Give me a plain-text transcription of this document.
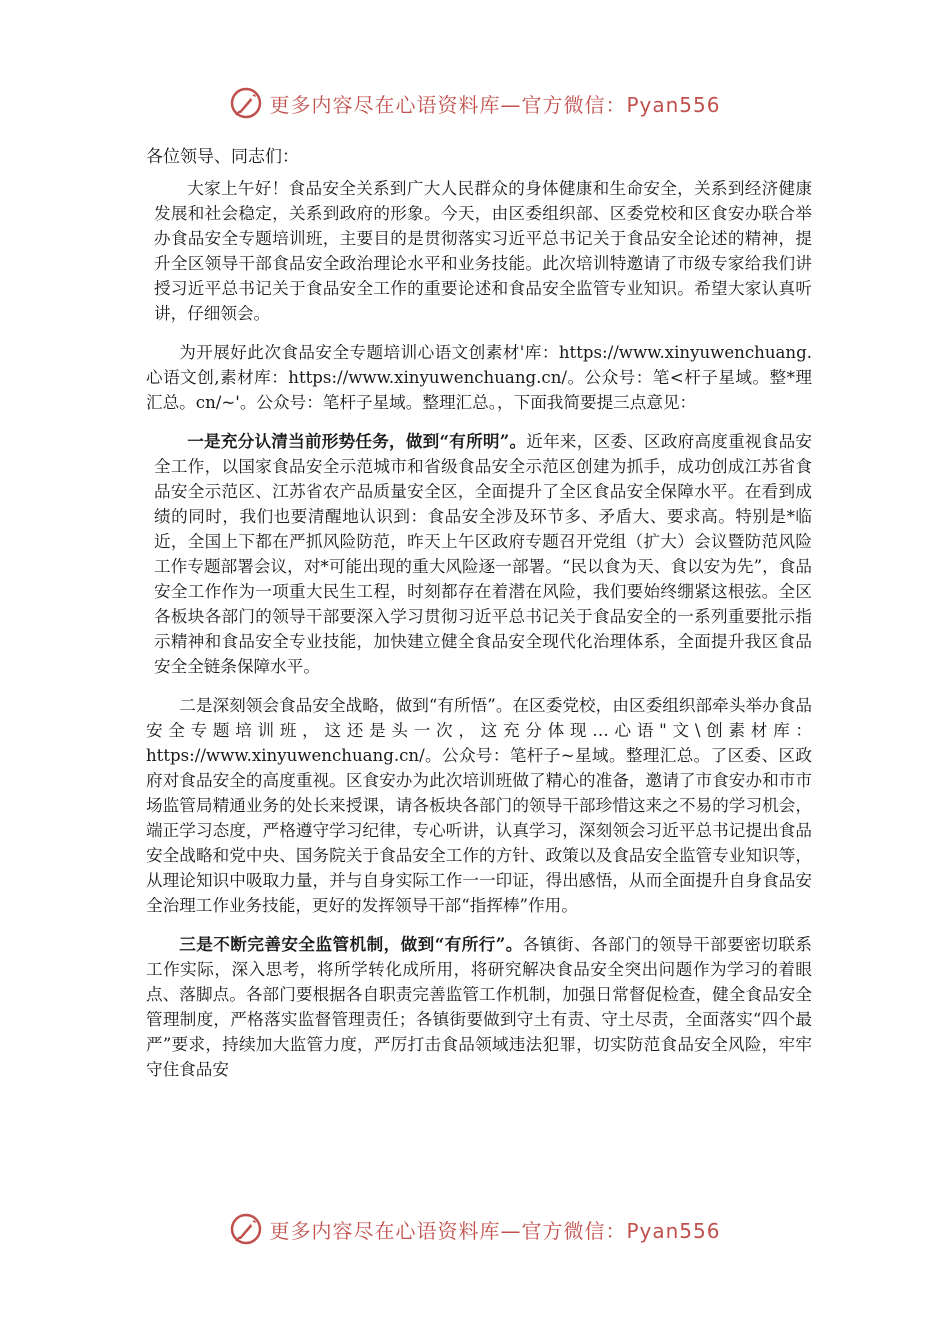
更多内容尽在心语资料库—官方微信：Pyan556

各位领导、同志们：

大家上午好！食品安全关系到广大人民群众的身体健康和生命安全，关系到经济健康发展和社会稳定，关系到政府的形象。今天，由区委组织部、区委党校和区食安办联合举办食品安全专题培训班，主要目的是贯彻落实习近平总书记关于食品安全论述的精神，提升全区领导干部食品安全政治理论水平和业务技能。此次培训特邀请了市级专家给我们讲授习近平总书记关于食品安全工作的重要论述和食品安全监管专业知识。希望大家认真听讲，仔细领会。

为开展好此次食品安全专题培训心语文创素材'库：https://www.xinyuwenchuang.心语文创,素材库：https://www.xinyuwenchuang.cn/。公众号：笔<杆子星域。整*理汇总。cn/~'。公众号：笔杆子星域。整理汇总。，下面我简要提三点意见：

一是充分认清当前形势任务，做到“有所明”。近年来，区委、区政府高度重视食品安全工作，以国家食品安全示范城市和省级食品安全示范区创建为抓手，成功创成江苏省食品安全示范区、江苏省农产品质量安全区，全面提升了全区食品安全保障水平。在看到成绩的同时，我们也要清醒地认识到：食品安全涉及环节多、矛盾大、要求高。特别是*临近，全国上下都在严抓风险防范，昨天上午区政府专题召开党组（扩大）会议暨防范风险工作专题部署会议，对*可能出现的重大风险逐一部署。“民以食为天、食以安为先”，食品安全工作作为一项重大民生工程，时刻都存在着潜在风险，我们要始终绷紧这根弦。全区各板块各部门的领导干部要深入学习贯彻习近平总书记关于食品安全的一系列重要批示指示精神和食品安全专业技能，加快建立健全食品安全现代化治理体系，全面提升我区食品安全全链条保障水平。

二是深刻领会食品安全战略，做到“有所悟”。在区委党校，由区委组织部牵头举办食品安全专题培训班，这还是头一次，这充分体现…心语"文\创素材库：https://www.xinyuwenchuang.cn/。公众号：笔杆子~星域。整理汇总。了区委、区政府对食品安全的高度重视。区食安办为此次培训班做了精心的准备，邀请了市食安办和市市场监管局精通业务的处长来授课，请各板块各部门的领导干部珍惜这来之不易的学习机会，端正学习态度，严格遵守学习纪律，专心听讲，认真学习，深刻领会习近平总书记提出食品安全战略和党中央、国务院关于食品安全工作的方针、政策以及食品安全监管专业知识等，从理论知识中吸取力量，并与自身实际工作一一印证，得出感悟，从而全面提升自身食品安全治理工作业务技能，更好的发挥领导干部“指挥棒”作用。

三是不断完善安全监管机制，做到“有所行”。各镇街、各部门的领导干部要密切联系工作实际，深入思考，将所学转化成所用，将研究解决食品安全突出问题作为学习的着眼点、落脚点。各部门要根据各自职责完善监管工作机制，加强日常督促检查，健全食品安全管理制度，严格落实监督管理责任；各镇街要做到守土有责、守土尽责，全面落实“四个最严”要求，持续加大监管力度，严厉打击食品领域违法犯罪，切实防范食品安全风险，牢牢守住食品安

更多内容尽在心语资料库—官方微信：Pyan556
